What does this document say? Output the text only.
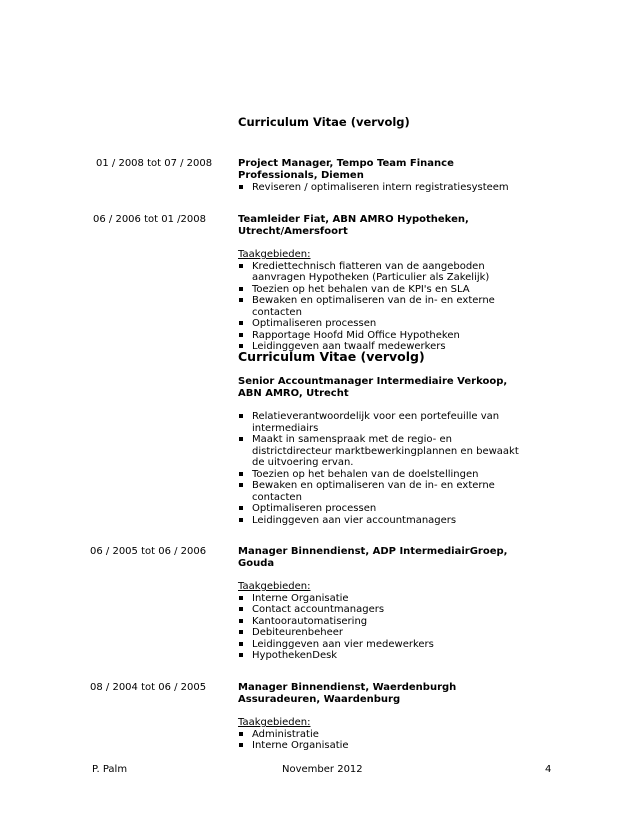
Curriculum Vitae (vervolg)
01 / 2008 tot 07 / 2008	Project Manager, Tempo Team Finance Professionals, Diemen
Reviseren / optimaliseren intern registratiesysteem
06 / 2006 tot 01 /2008	Teamleider Fiat, ABN AMRO Hypotheken, Utrecht/Amersfoort
Taakgebieden:
Krediettechnisch fiatteren van de aangeboden aanvragen Hypotheken (Particulier als Zakelijk)
Toezien op het behalen van de KPI's en SLA
Bewaken en optimaliseren van de in- en externe contacten
Optimaliseren processen
Rapportage Hoofd Mid Office Hypotheken
Leidinggeven aan twaalf medewerkers
Curriculum Vitae (vervolg)
Senior Accountmanager Intermediaire Verkoop, ABN AMRO, Utrecht
Relatieverantwoordelijk voor een portefeuille van intermediairs
Maakt in samenspraak met de regio- en districtdirecteur marktbewerkingplannen en bewaakt de uitvoering ervan.
Toezien op het behalen van de doelstellingen
Bewaken en optimaliseren van de in- en externe contacten
Optimaliseren processen
Leidinggeven aan vier accountmanagers
06 / 2005 tot 06 / 2006	Manager Binnendienst, ADP IntermediairGroep, Gouda
Taakgebieden:
Interne Organisatie
Contact accountmanagers
Kantoorautomatisering
Debiteurenbeheer
Leidinggeven aan vier medewerkers
HypothekenDesk
08 / 2004 tot 06 / 2005	Manager Binnendienst, Waerdenburgh Assuradeuren, Waardenburg
Taakgebieden:
Administratie
Interne Organisatie
P. Palm	November 2012	4
